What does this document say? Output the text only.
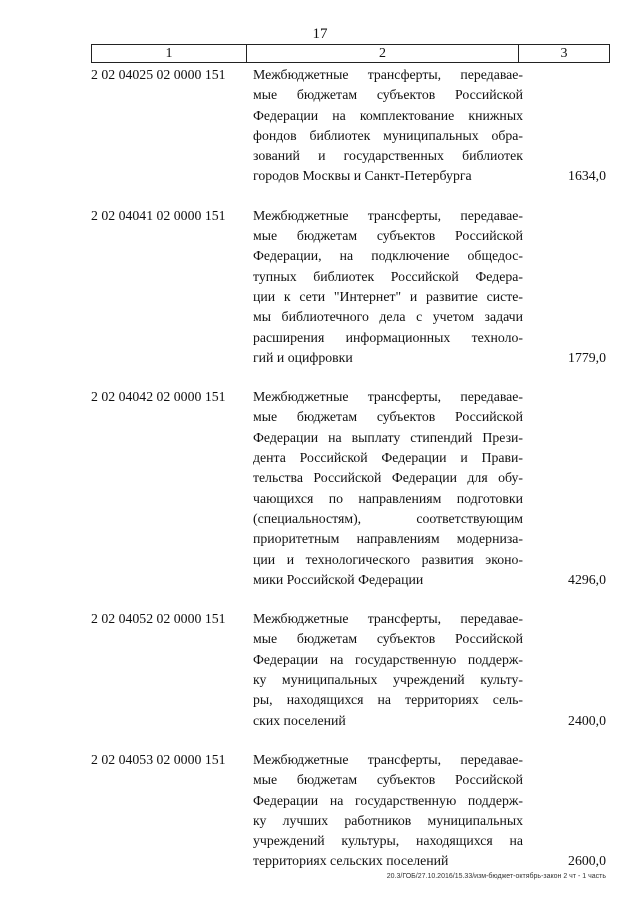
17
1	2	3
2 02 04025 02 0000 151	Межбюджетные трансферты, передавае-
мые бюджетам субъектов Российской
Федерации на комплектование книжных
фондов библиотек муниципальных обра-
зований и государственных библиотек
городов Москвы и Санкт-Петербурга	1634,0
2 02 04041 02 0000 151	Межбюджетные трансферты, передавае-
мые бюджетам субъектов Российской
Федерации, на подключение общедос-
тупных библиотек Российской Федера-
ции к сети "Интернет" и развитие систе-
мы библиотечного дела с учетом задачи
расширения информационных техноло-
гий и оцифровки	1779,0
2 02 04042 02 0000 151	Межбюджетные трансферты, передавае-
мые бюджетам субъектов Российской
Федерации на выплату стипендий Прези-
дента Российской Федерации и Прави-
тельства Российской Федерации для обу-
чающихся по направлениям подготовки
(специальностям), соответствующим
приоритетным направлениям модерниза-
ции и технологического развития эконо-
мики Российской Федерации	4296,0
2 02 04052 02 0000 151	Межбюджетные трансферты, передавае-
мые бюджетам субъектов Российской
Федерации на государственную поддерж-
ку муниципальных учреждений культу-
ры, находящихся на территориях сель-
ских поселений	2400,0
2 02 04053 02 0000 151	Межбюджетные трансферты, передавае-
мые бюджетам субъектов Российской
Федерации на государственную поддерж-
ку лучших работников муниципальных
учреждений культуры, находящихся на
территориях сельских поселений	2600,0
20.3/ГОБ/27.10.2016/15.33/изм-бюджет-октябрь-закон 2 чт - 1 часть
